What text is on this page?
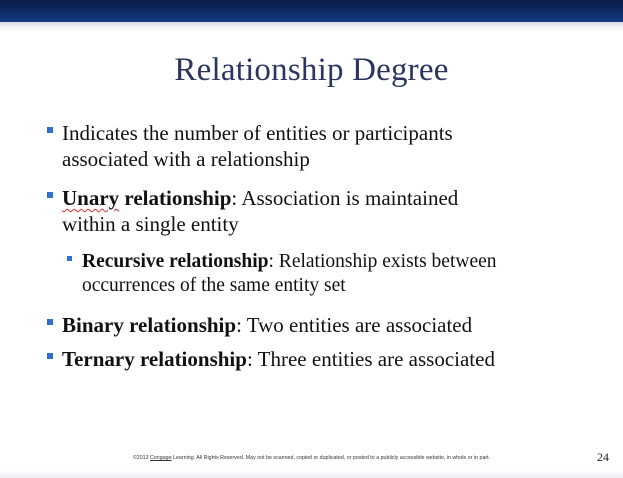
Relationship Degree
Indicates the number of entities or participants
associated with a relationship
Unary relationship: Association is maintained
within a single entity
Recursive relationship: Relationship exists between
occurrences of the same entity set
Binary relationship: Two entities are associated
Ternary relationship: Three entities are associated
©2013 Cengage Learning. All Rights Reserved. May not be scanned, copied or duplicated, or posted to a publicly accessible website, in whole or in part.	24
